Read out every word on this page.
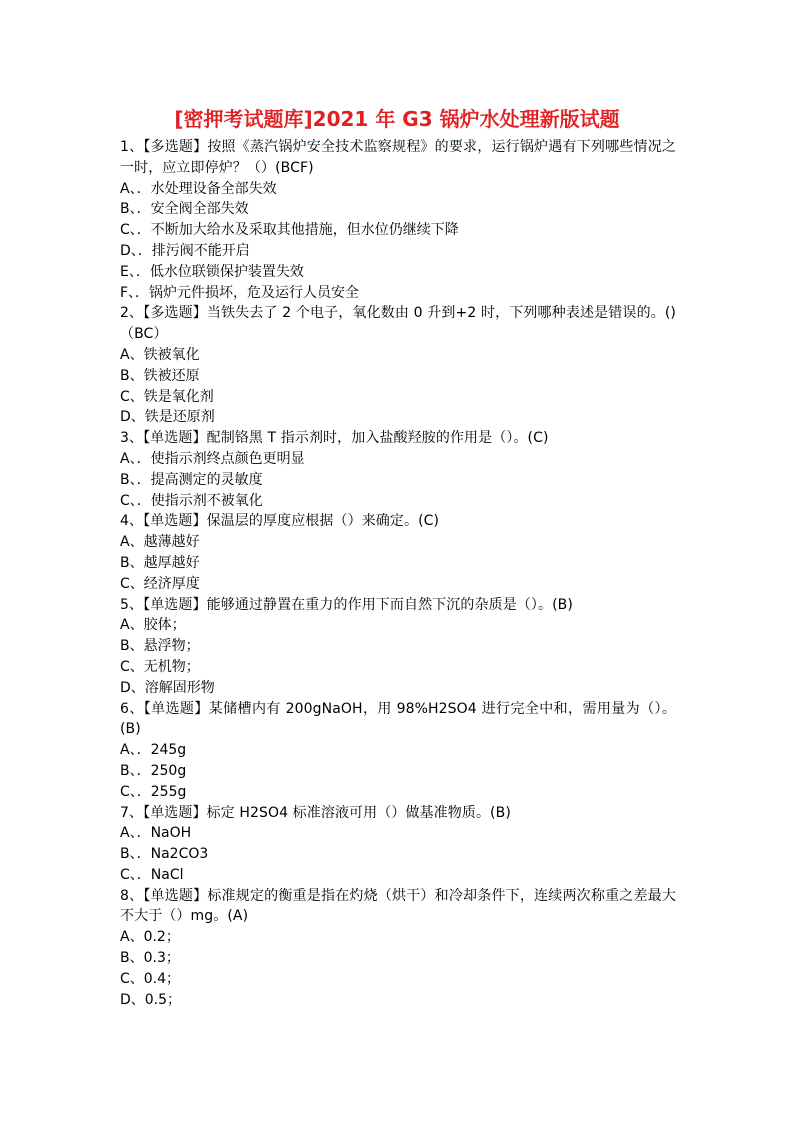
[密押考试题库]2021 年 G3 锅炉水处理新版试题

1、【多选题】按照《蒸汽锅炉安全技术监察规程》的要求，运行锅炉遇有下列哪些情况之一时，应立即停炉？（）(BCF)

A、．水处理设备全部失效

B、．安全阀全部失效

C、．不断加大给水及采取其他措施，但水位仍继续下降

D、．排污阀不能开启

E、．低水位联锁保护装置失效

F、．锅炉元件损坏，危及运行人员安全

2、【多选题】当铁失去了 2 个电子，氧化数由 0 升到+2 时，下列哪种表述是错误的。()（BC）

A、铁被氧化

B、铁被还原

C、铁是氧化剂

D、铁是还原剂

3、【单选题】配制铬黑 T 指示剂时，加入盐酸羟胺的作用是（）。(C)

A、．使指示剂终点颜色更明显

B、．提高测定的灵敏度

C、．使指示剂不被氧化

4、【单选题】保温层的厚度应根据（）来确定。(C)

A、越薄越好

B、越厚越好

C、经济厚度

5、【单选题】能够通过静置在重力的作用下而自然下沉的杂质是（）。(B)

A、胶体；

B、悬浮物；

C、无机物；

D、溶解固形物

6、【单选题】某储槽内有 200gNaOH，用 98%H2SO4 进行完全中和，需用量为（）。(B)

A、．245g

B、．250g

C、．255g

7、【单选题】标定 H2SO4 标准溶液可用（）做基准物质。(B)

A、．NaOH

B、．Na2CO3

C、．NaCl

8、【单选题】标准规定的衡重是指在灼烧（烘干）和冷却条件下，连续两次称重之差最大不大于（）mg。(A)

A、0.2；

B、0.3；

C、0.4；

D、0.5；
